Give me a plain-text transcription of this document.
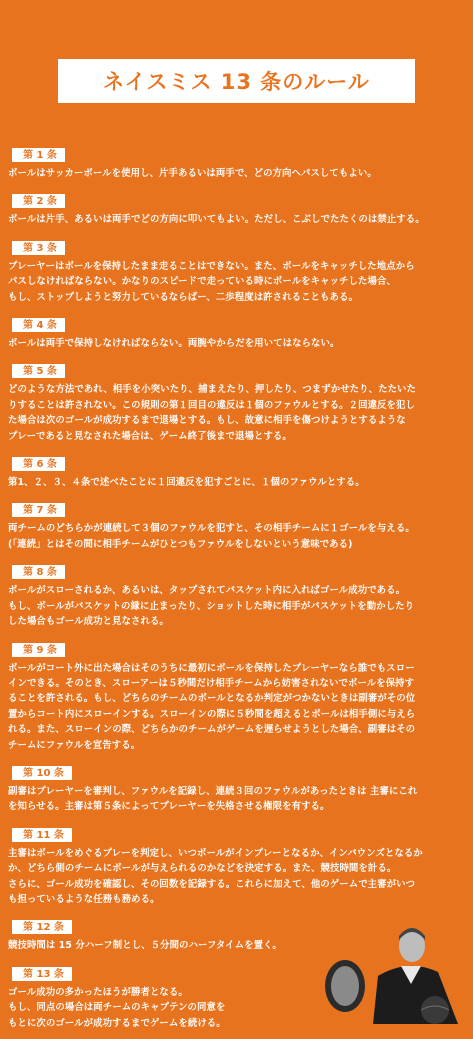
ネイスミス 13 条のルール
第 1 条

ボールはサッカーボールを使用し、片手あるいは両手で、どの方向へパスしてもよい。

第 2 条

ボールは片手、あるいは両手でどの方向に叩いてもよい。ただし、こぶしでたたくのは禁止する。

第 3 条

プレーヤーはボールを保持したまま走ることはできない。また、ボールをキャッチした地点から
パスしなければならない。かなりのスピードで走っている時にボールをキャッチした場合、
もし、ストップしようと努力しているならばー、二歩程度は許されることもある。

第 4 条

ボールは両手で保持しなければならない。両腕やからだを用いてはならない。

第 5 条

どのような方法であれ、相手を小突いたり、捕まえたり、押したり、つまずかせたり、たたいた
りすることは許されない。この規則の第１回目の違反は１個のファウルとする。２回違反を犯し
た場合は次のゴールが成功するまで退場とする。もし、故意に相手を傷つけようとするような
プレーであると見なされた場合は、ゲーム終了後まで退場とする。

第 6 条

第1、２、３、４条で述べたことに１回違反を犯すごとに、１個のファウルとする。

第 7 条

両チームのどちらかが連続して３個のファウルを犯すと、その相手チームに１ゴールを与える。
(「連続」とはその間に相手チームがひとつもファウルをしないという意味である)

第 8 条

ボールがスローされるか、あるいは、タップされてバスケット内に入ればゴール成功である。
もし、ボールがバスケットの縁に止まったり、ショットした時に相手がバスケットを動かしたり
した場合もゴール成功と見なされる。

第 9 条

ボールがコート外に出た場合はそのうちに最初にボールを保持したプレーヤーなら誰でもスロー
インできる。そのとき、スローアーは５秒間だけ相手チームから妨害されないでボールを保持す
ることを許される。もし、どちらのチームのボールとなるか判定がつかないときは副審がその位
置からコート内にスローインする。スローインの際に５秒間を超えるとボールは相手側に与えら
れる。また、スローインの際、どちらかのチームがゲームを遅らせようとした場合、副審はその
チームにファウルを宣告する。

第 10 条

副審はプレーヤーを審判し、ファウルを記録し、連続３回のファウルがあったときは 主審にこれ
を知らせる。主審は第５条によってプレーヤーを失格させる権限を有する。

第 11 条

主審はボールをめぐるプレーを判定し、いつボールがインプレーとなるか、インバウンズとなるか
か、どちら側のチームにボールが与えられるのかなどを決定する。また、競技時間を計る。
さらに、ゴール成功を確認し、その回数を記録する。これらに加えて、他のゲームで主審がいつ
も担っているような任務も務める。

第 12 条

競技時間は 15 分ハーフ制とし、５分間のハーフタイムを置く。

第 13 条

ゴール成功の多かったほうが勝者となる。
もし、同点の場合は両チームのキャプテンの同意を
もとに次のゴールが成功するまでゲームを続ける。
